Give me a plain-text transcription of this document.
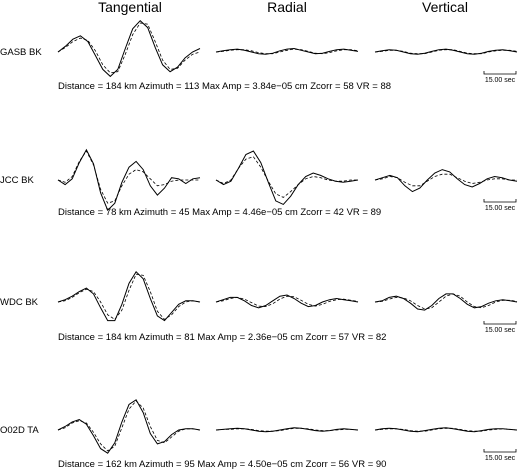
Tangential	Radial	Vertical
GASB BK
15.00 sec
Distance = 184 km Azimuth = 113 Max Amp = 3.84e−05 cm Zcorr = 58 VR = 88
JCC BK
15.00 sec
Distance = 78 km Azimuth = 45 Max Amp = 4.46e−05 cm Zcorr = 42 VR = 89
WDC BK
15.00 sec
Distance = 184 km Azimuth = 81 Max Amp = 2.36e−05 cm Zcorr = 57 VR = 82
O02D TA
15.00 sec
Distance = 162 km Azimuth = 95 Max Amp = 4.50e−05 cm Zcorr = 56 VR = 90
